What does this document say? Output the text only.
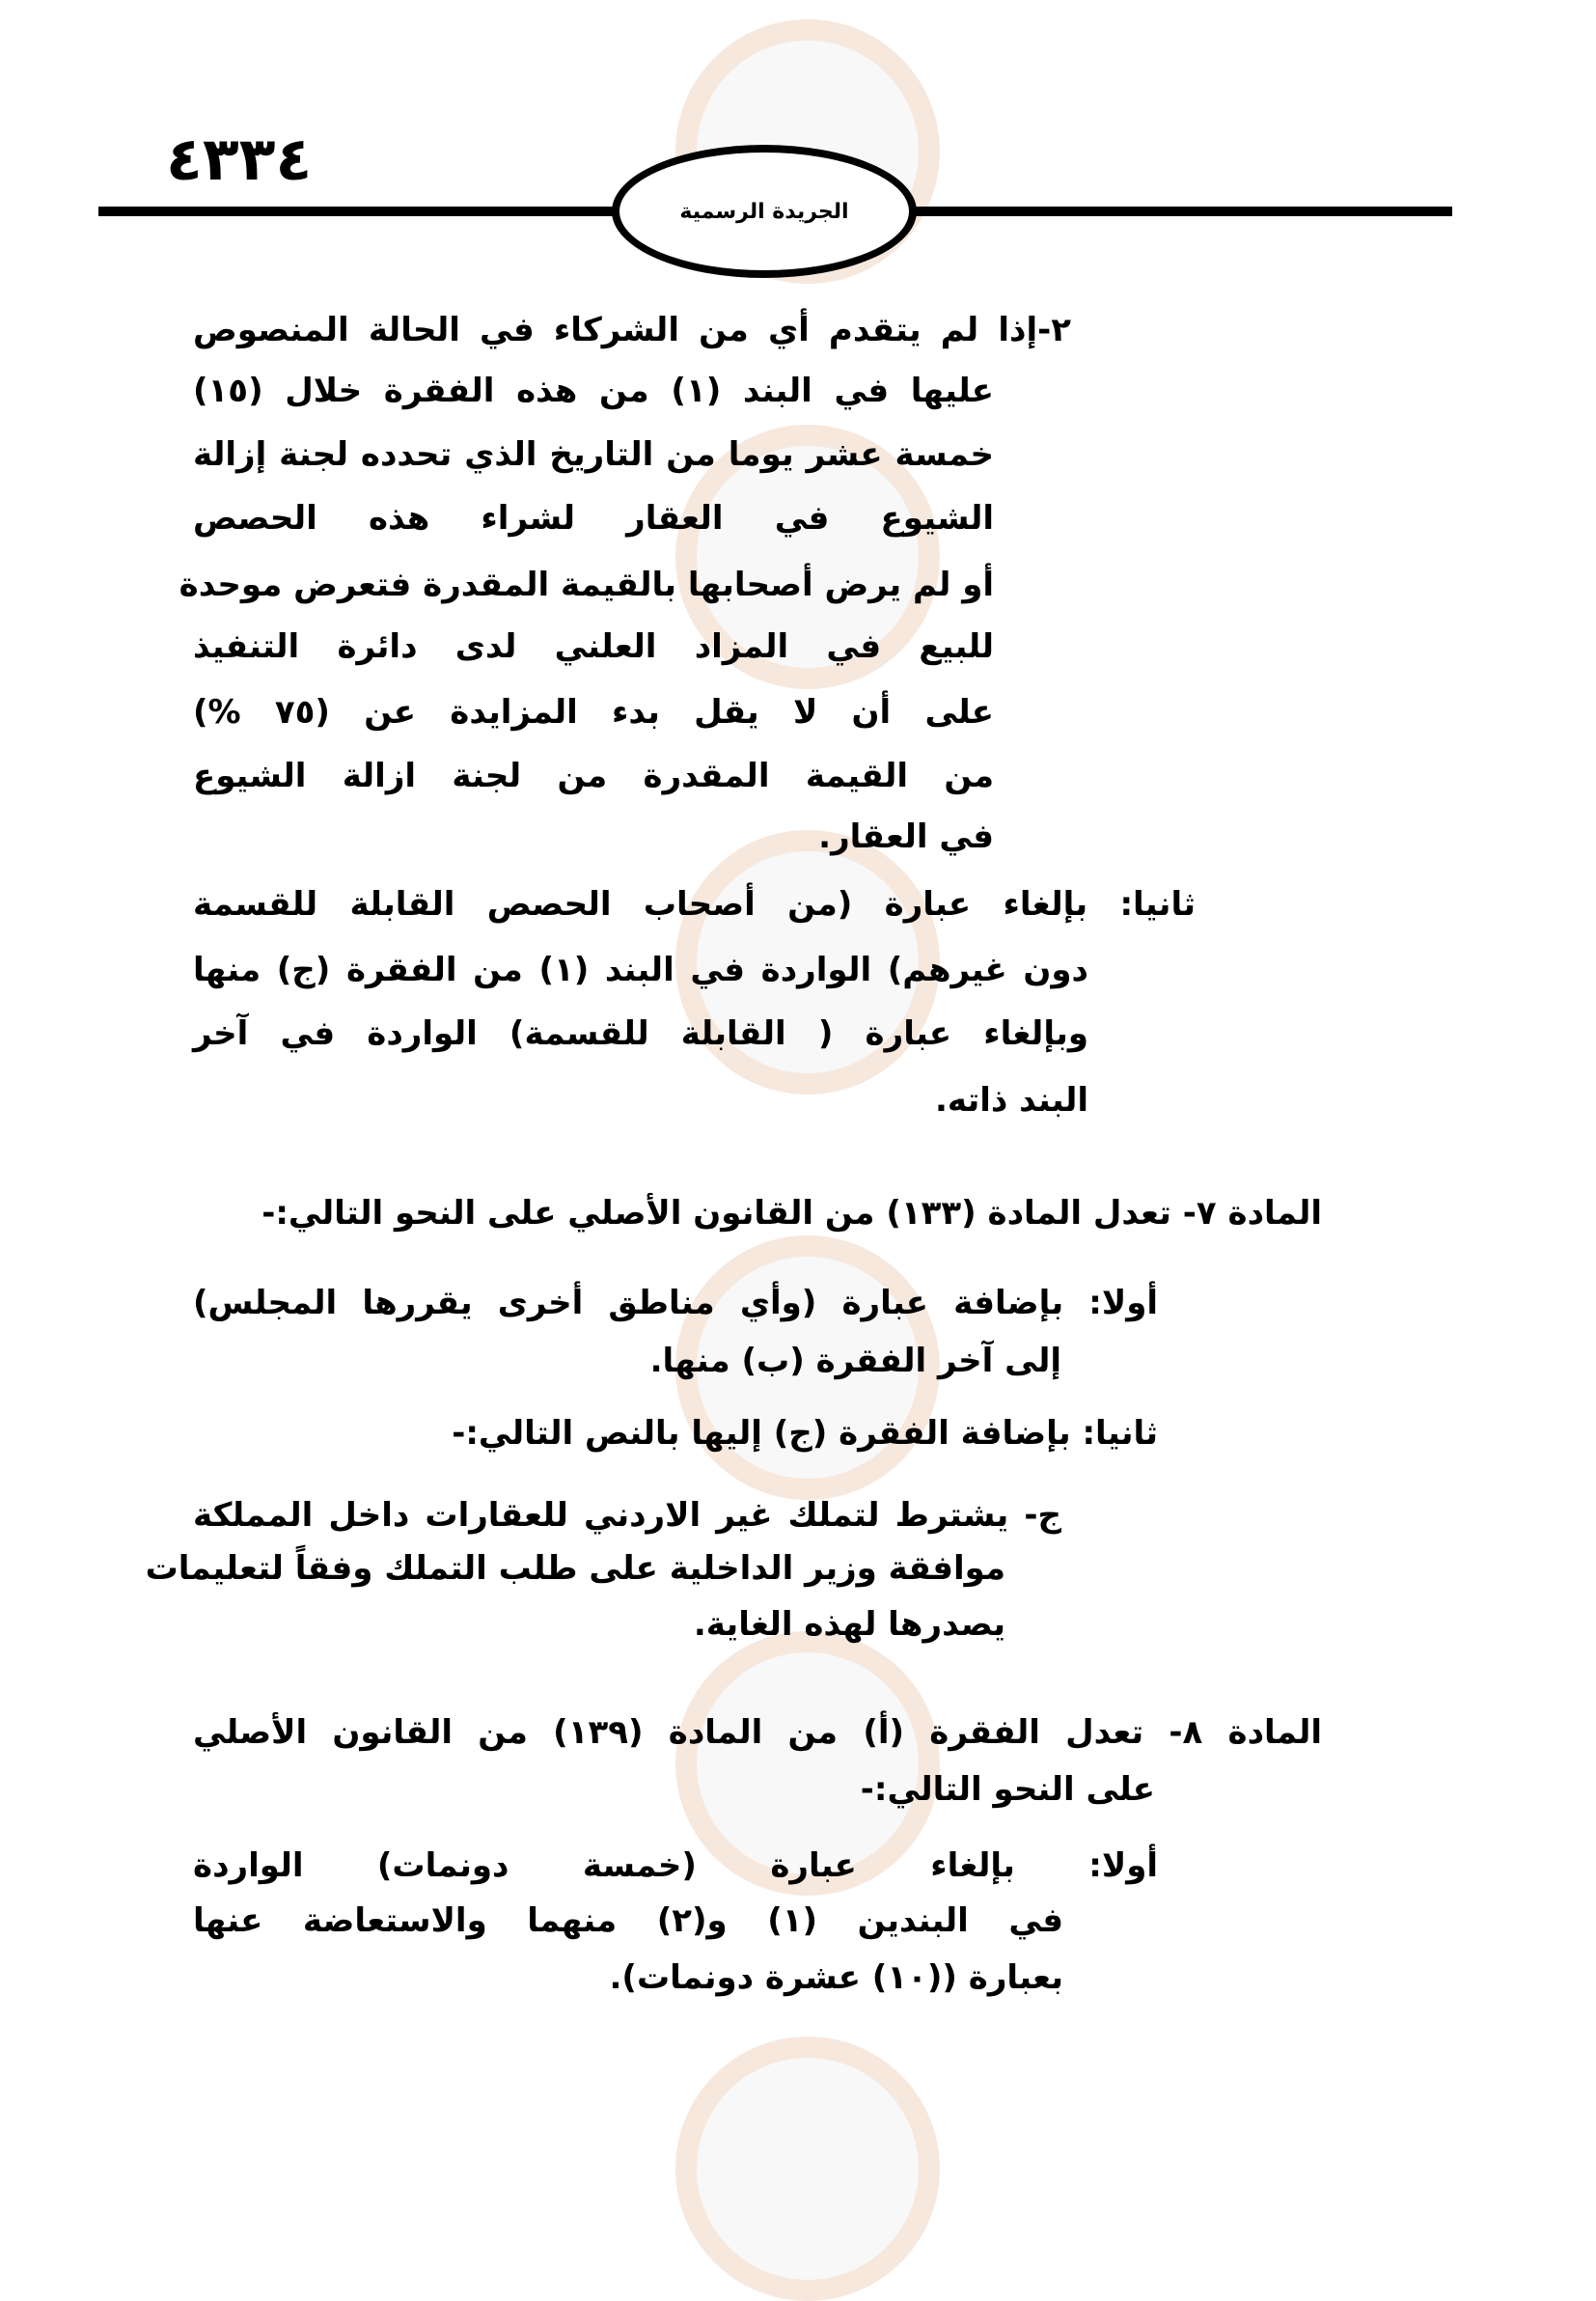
٤٣٣٤
الجريدة الرسمية
٢-إذا لم يتقدم أي من الشركاء في الحالة المنصوص
عليها في البند (١) من هذه الفقرة خلال (١٥)
خمسة عشر يوما من التاريخ الذي تحدده لجنة إزالة
الشيوع في العقار لشراء هذه الحصص
أو لم يرض أصحابها بالقيمة المقدرة فتعرض موحدة
للبيع في المزاد العلني لدى دائرة التنفيذ
على أن لا يقل بدء المزايدة عن (٧٥ %)
من القيمة المقدرة من لجنة ازالة الشيوع
في العقار.
ثانيا: بإلغاء عبارة (من أصحاب الحصص القابلة للقسمة
دون غيرهم) الواردة في البند (١) من الفقرة (ج) منها
وبإلغاء عبارة ( القابلة للقسمة) الواردة في آخر
البند ذاته.
المادة ٧- تعدل المادة (١٣٣) من القانون الأصلي على النحو التالي:-
أولا: بإضافة عبارة (وأي مناطق أخرى يقررها المجلس)
إلى آخر الفقرة (ب) منها.
ثانيا: بإضافة الفقرة (ج) إليها بالنص التالي:-
ج- يشترط لتملك غير الاردني للعقارات داخل المملكة
موافقة وزير الداخلية على طلب التملك وفقاً لتعليمات
يصدرها لهذه الغاية.
المادة ٨- تعدل الفقرة (أ) من المادة (١٣٩) من القانون الأصلي
على النحو التالي:-
أولا: بإلغاء عبارة (خمسة دونمات) الواردة
في البندين (١) و(٢) منهما والاستعاضة عنها
بعبارة ((١٠) عشرة دونمات).
